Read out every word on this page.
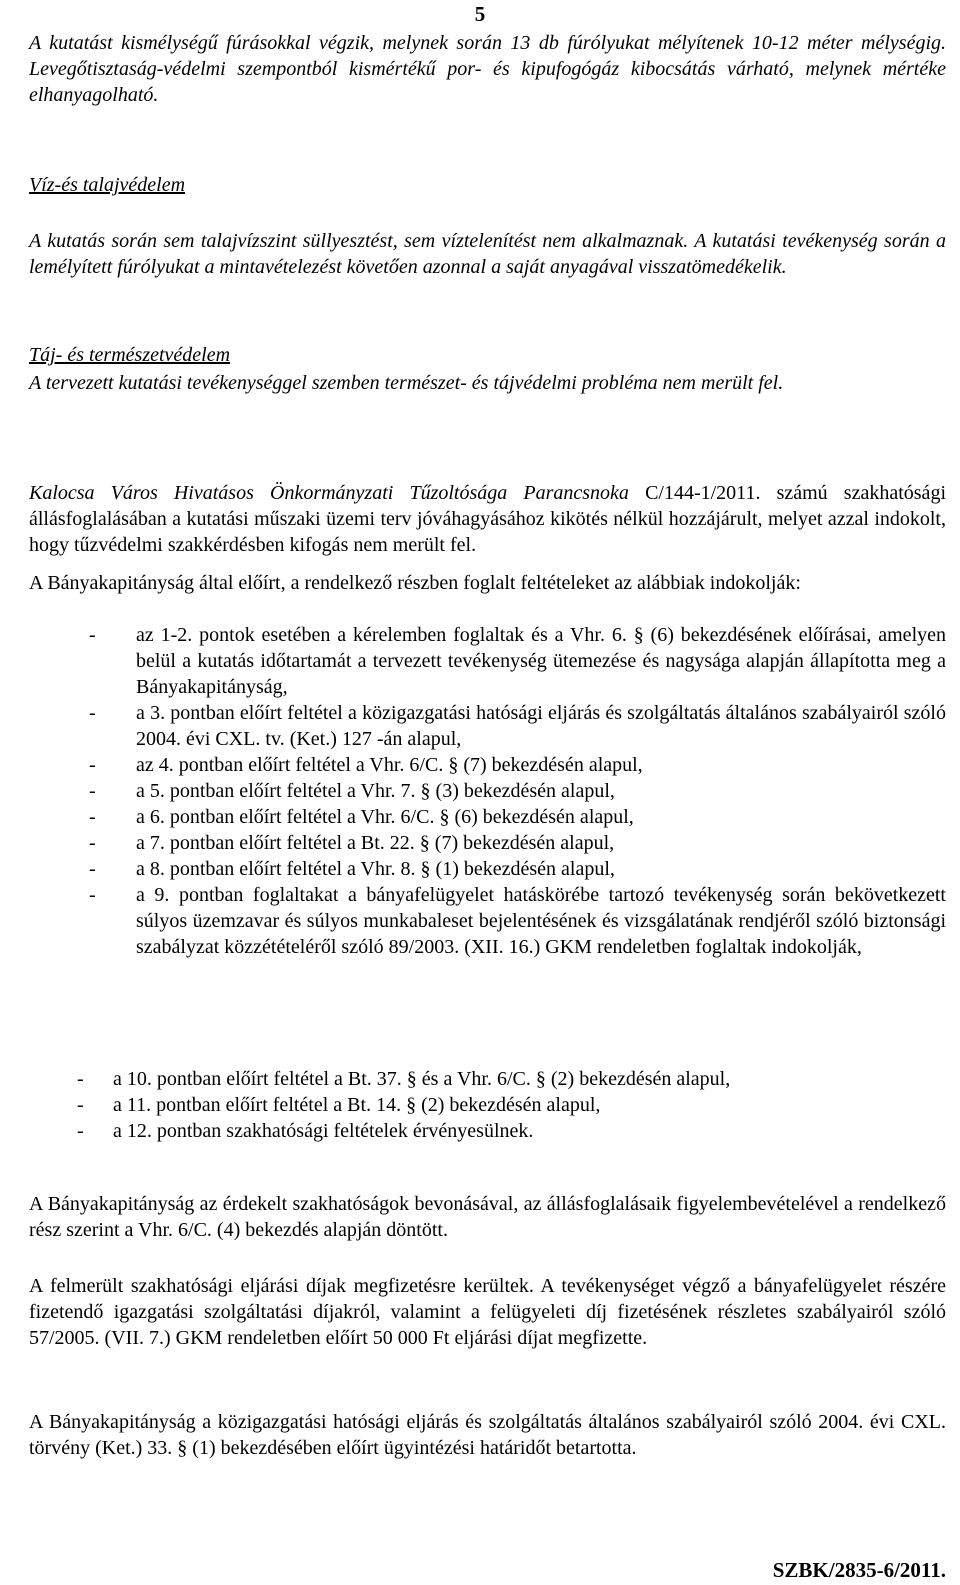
5
A kutatást kismélységű fúrásokkal végzik, melynek során 13 db fúrólyukat mélyítenek 10-12 méter mélységig. Levegőtisztaság-védelmi szempontból kismértékű por- és kipufogógáz kibocsátás várható, melynek mértéke elhanyagolható.
Víz-és talajvédelem
A kutatás során sem talajvízszint süllyesztést, sem víztelenítést nem alkalmaznak. A kutatási tevékenység során a lemélyített fúrólyukat a mintavételezést követően azonnal a saját anyagával visszatömedékelik.
Táj- és természetvédelem
A tervezett kutatási tevékenységgel szemben természet- és tájvédelmi probléma nem merült fel.
Kalocsa Város Hivatásos Önkormányzati Tűzoltósága Parancsnoka C/144-1/2011. számú szakhatósági állásfoglalásában a kutatási műszaki üzemi terv jóváhagyásához kikötés nélkül hozzájárult, melyet azzal indokolt, hogy tűzvédelmi szakkérdésben kifogás nem merült fel.
A Bányakapitányság által előírt, a rendelkező részben foglalt feltételeket az alábbiak indokolják:
- az 1-2. pontok esetében a kérelemben foglaltak és a Vhr. 6. § (6) bekezdésének előírásai, amelyen belül a kutatás időtartamát a tervezett tevékenység ütemezése és nagysága alapján állapította meg a Bányakapitányság,
- a 3. pontban előírt feltétel a közigazgatási hatósági eljárás és szolgáltatás általános szabályairól szóló 2004. évi CXL. tv. (Ket.) 127 -án alapul,
- az 4. pontban előírt feltétel a Vhr. 6/C. § (7) bekezdésén alapul,
- a 5. pontban előírt feltétel a Vhr. 7. § (3) bekezdésén alapul,
- a 6. pontban előírt feltétel a Vhr. 6/C. § (6) bekezdésén alapul,
- a 7. pontban előírt feltétel a Bt. 22. § (7) bekezdésén alapul,
- a 8. pontban előírt feltétel a Vhr. 8. § (1) bekezdésén alapul,
- a 9. pontban foglaltakat a bányafelügyelet hatáskörébe tartozó tevékenység során bekövetkezett súlyos üzemzavar és súlyos munkabaleset bejelentésének és vizsgálatának rendjéről szóló biztonsági szabályzat közzétételéről szóló 89/2003. (XII. 16.) GKM rendeletben foglaltak indokolják,
- a 10. pontban előírt feltétel a Bt. 37. § és a Vhr. 6/C. § (2) bekezdésén alapul,
- a 11. pontban előírt feltétel a Bt. 14. § (2) bekezdésén alapul,
- a 12. pontban szakhatósági feltételek érvényesülnek.
A Bányakapitányság az érdekelt szakhatóságok bevonásával, az állásfoglalásaik figyelembevételével a rendelkező rész szerint a Vhr. 6/C. (4) bekezdés alapján döntött.
A felmerült szakhatósági eljárási díjak megfizetésre kerültek. A tevékenységet végző a bányafelügyelet részére fizetendő igazgatási szolgáltatási díjakról, valamint a felügyeleti díj fizetésének részletes szabályairól szóló 57/2005. (VII. 7.) GKM rendeletben előírt 50 000 Ft eljárási díjat megfizette.
A Bányakapitányság a közigazgatási hatósági eljárás és szolgáltatás általános szabályairól szóló 2004. évi CXL. törvény (Ket.) 33. § (1) bekezdésében előírt ügyintézési határidőt betartotta.
SZBK/2835-6/2011.
